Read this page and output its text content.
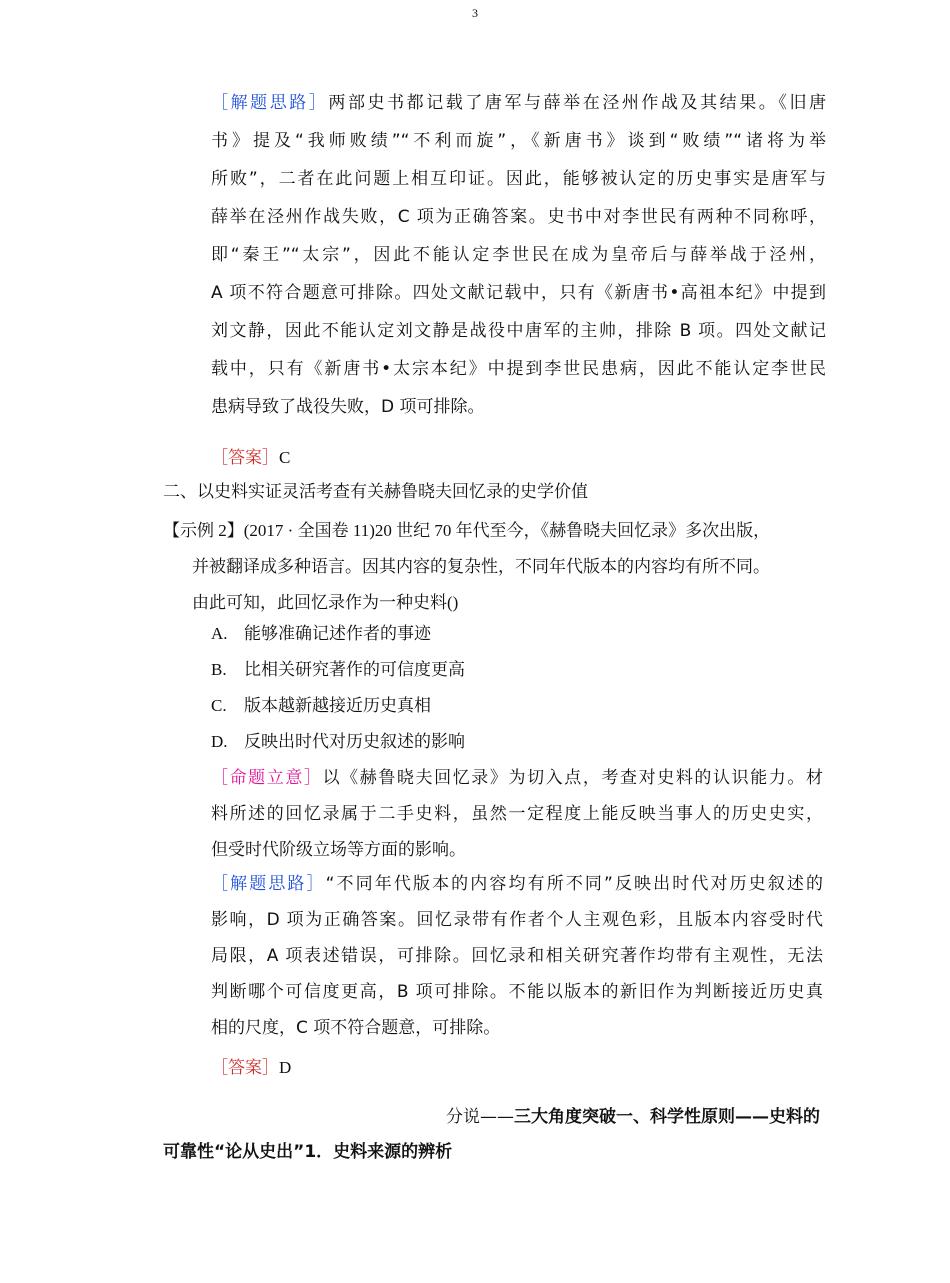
3
［解题思路］两部史书都记载了唐军与薛举在泾州作战及其结果。《旧唐
书》提及“我师败绩”“不利而旋”，《新唐书》谈到“败绩”“诸将为举
所败”，二者在此问题上相互印证。因此，能够被认定的历史事实是唐军与
薛举在泾州作战失败，C 项为正确答案。史书中对李世民有两种不同称呼，
即“秦王”“太宗”，因此不能认定李世民在成为皇帝后与薛举战于泾州，
A 项不符合题意可排除。四处文献记载中，只有《新唐书•高祖本纪》中提到
刘文静，因此不能认定刘文静是战役中唐军的主帅，排除 B 项。四处文献记
载中，只有《新唐书•太宗本纪》中提到李世民患病，因此不能认定李世民
患病导致了战役失败，D 项可排除。
［答案］C
二、以史料实证灵活考查有关赫鲁晓夫回忆录的史学价值
【示例 2】(2017 · 全国卷 11)20 世纪 70 年代至今，《赫鲁晓夫回忆录》多次出版，
并被翻译成多种语言。因其内容的复杂性，不同年代版本的内容均有所不同。
由此可知，此回忆录作为一种史料()
A. 能够准确记述作者的事迹
B. 比相关研究著作的可信度更高
C. 版本越新越接近历史真相
D. 反映出时代对历史叙述的影响
［命题立意］以《赫鲁晓夫回忆录》为切入点，考查对史料的认识能力。材
料所述的回忆录属于二手史料，虽然一定程度上能反映当事人的历史史实，
但受时代阶级立场等方面的影响。
［解题思路］“不同年代版本的内容均有所不同”反映出时代对历史叙述的
影响，D 项为正确答案。回忆录带有作者个人主观色彩，且版本内容受时代
局限，A 项表述错误，可排除。回忆录和相关研究著作均带有主观性，无法
判断哪个可信度更高，B 项可排除。不能以版本的新旧作为判断接近历史真
相的尺度，C 项不符合题意，可排除。
［答案］D
分说——三大角度突破一、科学性原则——史料的
可靠性“论从史出”1．史料来源的辨析
